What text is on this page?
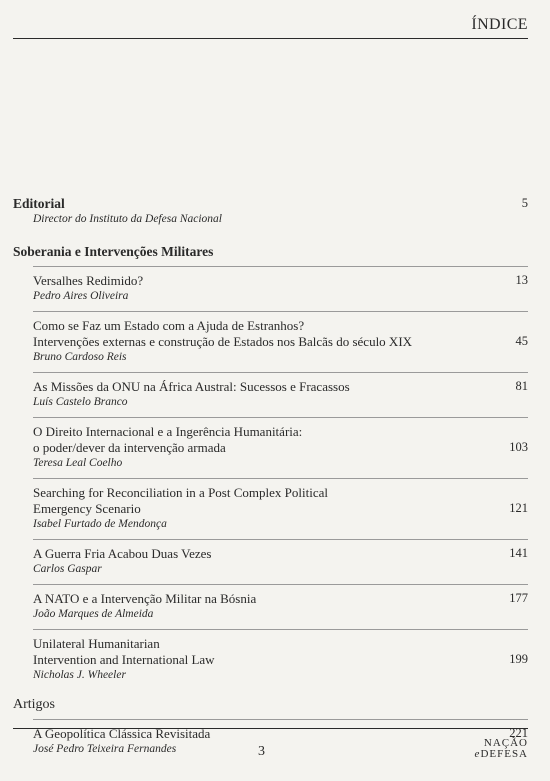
ÍNDICE
Editorial	5
Director do Instituto da Defesa Nacional
Soberania e Intervenções Militares
Versalhes Redimido?
Pedro Aires Oliveira
13
Como se Faz um Estado com a Ajuda de Estranhos?
Intervenções externas e construção de Estados nos Balcãs do século XIX
Bruno Cardoso Reis
45
As Missões da ONU na África Austral: Sucessos e Fracassos
Luís Castelo Branco
81
O Direito Internacional e a Ingerência Humanitária:
o poder/dever da intervenção armada
Teresa Leal Coelho
103
Searching for Reconciliation in a Post Complex Political
Emergency Scenario
Isabel Furtado de Mendonça
121
A Guerra Fria Acabou Duas Vezes
Carlos Gaspar
141
A NATO e a Intervenção Militar na Bósnia
João Marques de Almeida
177
Unilateral Humanitarian
Intervention and International Law
Nicholas J. Wheeler
199
Artigos
A Geopolítica Clássica Revisitada
José Pedro Teixeira Fernandes
221
3
NAÇÃO
eDEFESA
